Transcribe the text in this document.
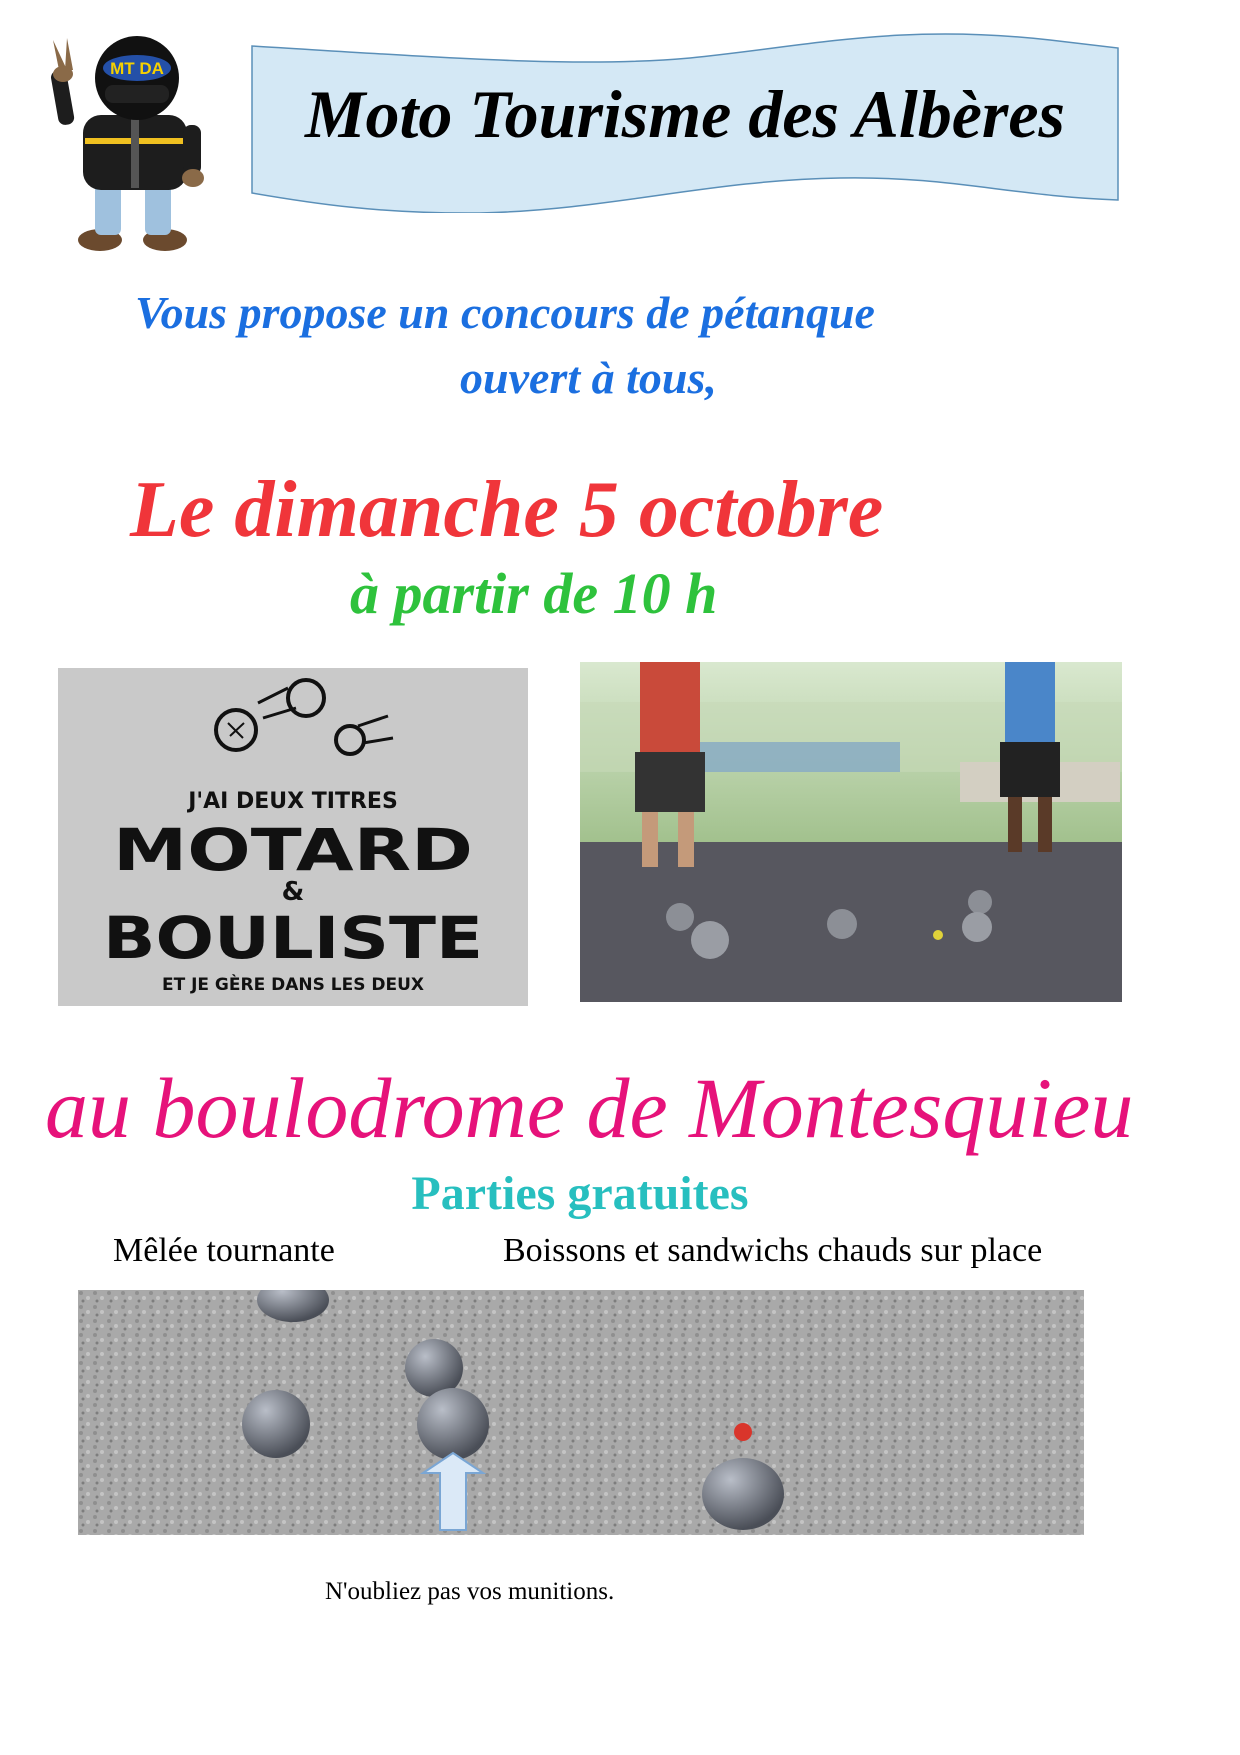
MT DA
Moto Tourisme des Albères
Vous propose un concours de pétanque
ouvert à tous,
Le dimanche 5 octobre
à partir de 10 h
J'AI DEUX TITRES
MOTARD
&
BOULISTE
ET JE GÈRE DANS LES DEUX
au boulodrome de Montesquieu
Parties gratuites
Mêlée tournante	Boissons et sandwichs chauds sur place
N'oubliez pas vos munitions.
